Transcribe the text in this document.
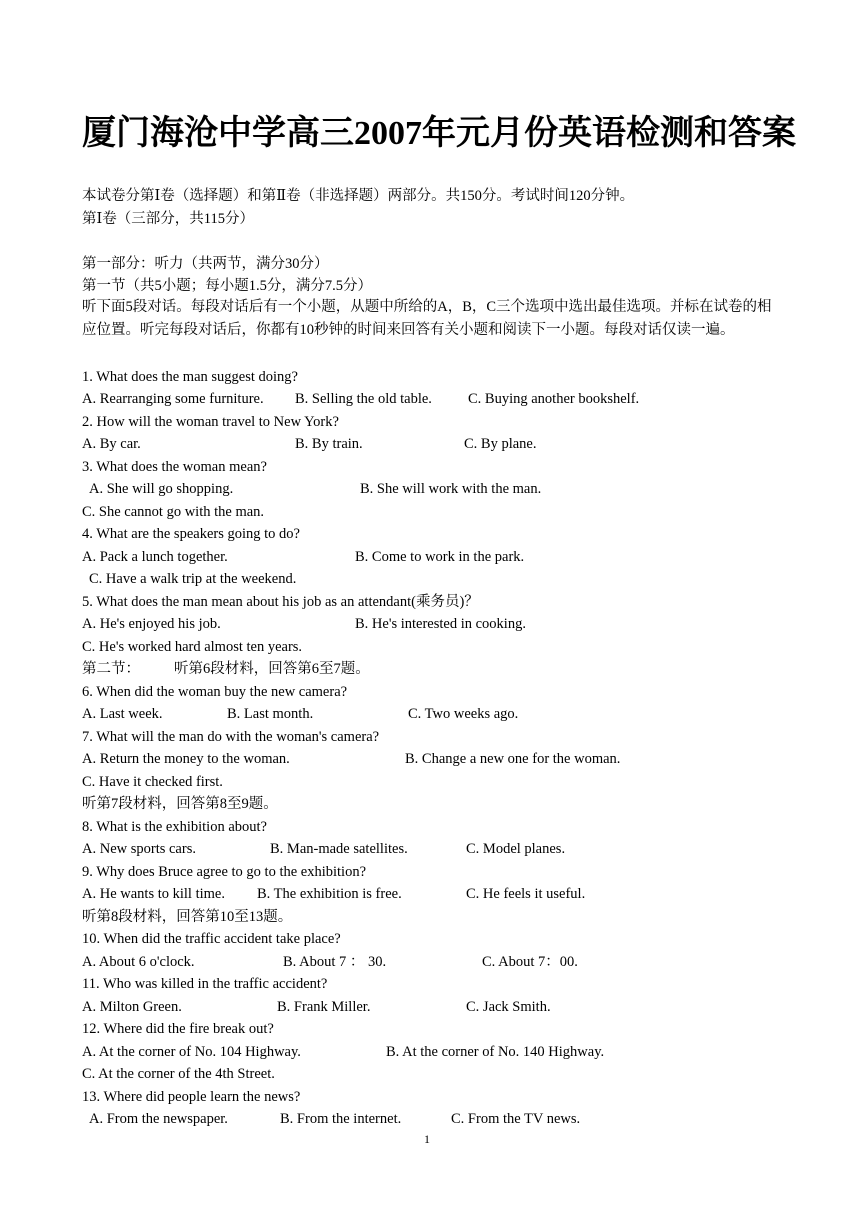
厦门海沧中学高三2007年元月份英语检测和答案
本试卷分第Ⅰ卷（选择题）和第Ⅱ卷（非选择题）两部分。共150分。考试时间120分钟。
第Ⅰ卷（三部分，共115分）
第一部分：听力（共两节，满分30分）
第一节（共5小题；每小题1.5分，满分7.5分）
听下面5段对话。每段对话后有一个小题，从题中所给的A，B，C三个选项中选出最佳选项。并标在试卷的相应位置。听完每段对话后，你都有10秒钟的时间来回答有关小题和阅读下一小题。每段对话仅读一遍。
1. What does the man suggest doing?
A. Rearranging some furniture. B. Selling the old table. C. Buying another bookshelf.
2. How will the woman travel to New York?
A. By car.	B. By train.	C. By plane.
3. What does the woman mean?
A. She will go shopping.	B. She will work with the man.
C. She cannot go with the man.
4. What are the speakers going to do?
A. Pack a lunch together.	B. Come to work in the park.
C. Have a walk trip at the weekend.
5. What does the man mean about his job as an attendant(乘务员)？
A. He's enjoyed his job.	B. He's interested in cooking.
C. He's worked hard almost ten years.
第二节： 听第6段材料，回答第6至7题。
6. When did the woman buy the new camera?
A. Last week.	B. Last month.	C. Two weeks ago.
7. What will the man do with the woman's camera?
A. Return the money to the woman.	B. Change a new one for the woman.
C. Have it checked first.
听第7段材料，回答第8至9题。
8. What is the exhibition about?
A. New sports cars.	B. Man-made satellites.	C. Model planes.
9. Why does Bruce agree to go to the exhibition?
A. He wants to kill time. B. The exhibition is free.	C. He feels it useful.
听第8段材料，回答第10至13题。
10. When did the traffic accident take place?
A. About 6 o'clock.	B. About 7 ： 30.	C. About 7：00.
11. Who was killed in the traffic accident?
A. Milton Green.	B. Frank Miller.	C. Jack Smith.
12. Where did the fire break out?
A. At the corner of No. 104 Highway.	B. At the corner of No. 140 Highway.
C. At the corner of the 4th Street.
13. Where did people learn the news?
A. From the newspaper.	B. From the internet.	C. From the TV news.
1
